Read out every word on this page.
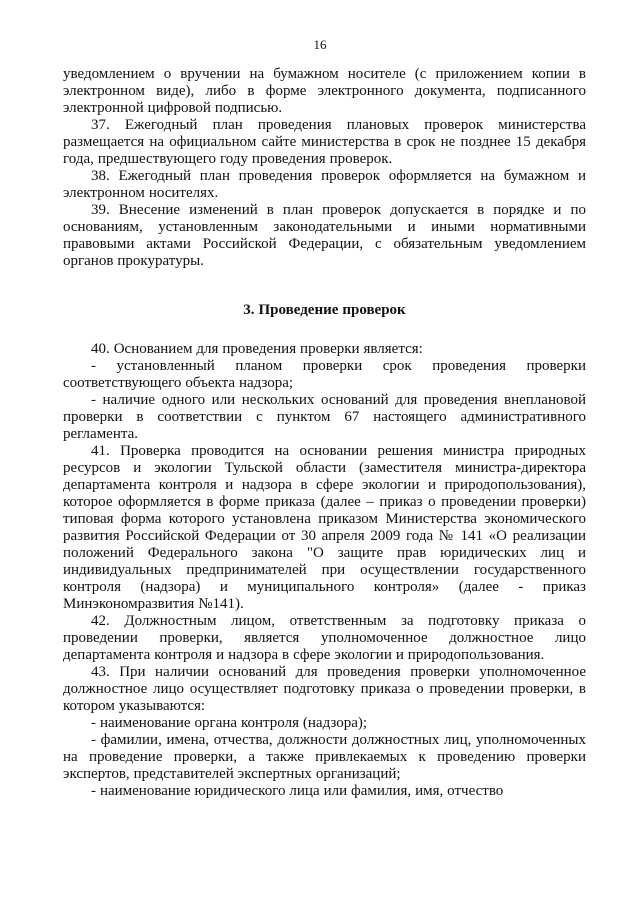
16

уведомлением о вручении на бумажном носителе (с приложением копии в электронном виде), либо в форме электронного документа, подписанного электронной цифровой подписью.

37. Ежегодный план проведения плановых проверок министерства размещается на официальном сайте министерства в срок не позднее 15 декабря года, предшествующего году проведения проверок.

38. Ежегодный план проведения проверок оформляется на бумажном и электронном носителях.

39. Внесение изменений в план проверок допускается в порядке и по основаниям, установленным законодательными и иными нормативными правовыми актами Российской Федерации, с обязательным уведомлением органов прокуратуры.

3. Проведение проверок

40. Основанием для проведения проверки является:

- установленный планом проверки срок проведения проверки соответствующего объекта надзора;

- наличие одного или нескольких оснований для проведения внеплановой проверки в соответствии с пунктом 67 настоящего административного регламента.

41. Проверка проводится на основании решения министра природных ресурсов и экологии Тульской области (заместителя министра-директора департамента контроля и надзора в сфере экологии и природопользования), которое оформляется в форме приказа (далее – приказ о проведении проверки) типовая форма которого установлена приказом Министерства экономического развития Российской Федерации от 30 апреля 2009 года № 141 «О реализации положений Федерального закона "О защите прав юридических лиц и индивидуальных предпринимателей при осуществлении государственного контроля (надзора) и муниципального контроля» (далее - приказ Минэкономразвития №141).

42. Должностным лицом, ответственным за подготовку приказа о проведении проверки, является уполномоченное должностное лицо департамента контроля и надзора в сфере экологии и природопользования.

43. При наличии оснований для проведения проверки уполномоченное должностное лицо осуществляет подготовку приказа о проведении проверки, в котором указываются:

- наименование органа контроля (надзора);

- фамилии, имена, отчества, должности должностных лиц, уполномоченных на проведение проверки, а также привлекаемых к проведению проверки экспертов, представителей экспертных организаций;

- наименование юридического лица или фамилия, имя, отчество
